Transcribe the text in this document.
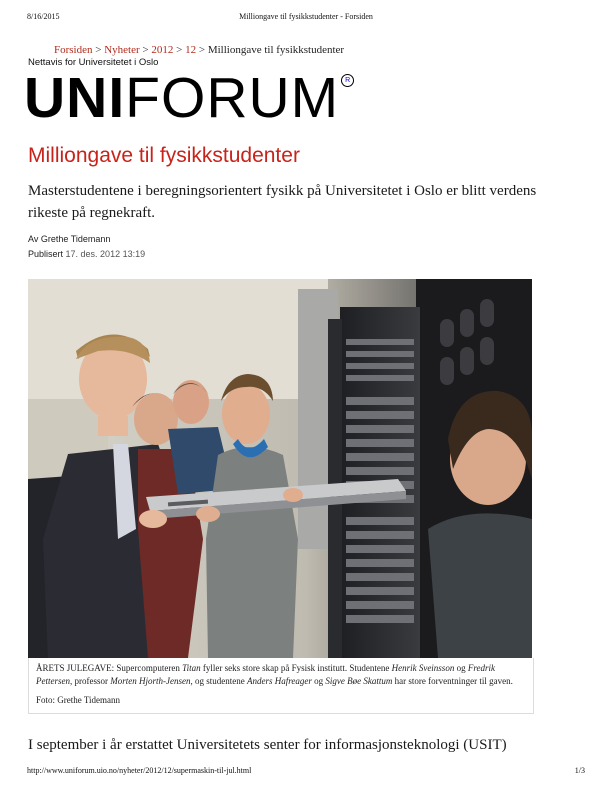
8/16/2015	Milliongave til fysikkstudenter - Forsiden
Forsiden > Nyheter > 2012 > 12 > Milliongave til fysikkstudenter
Nettavis for Universitetet i Oslo
UNI FORUM R
Milliongave til fysikkstudenter

Masterstudentene i beregningsorientert fysikk på Universitetet i Oslo er blitt verdens rikeste på regnekraft.

Av Grethe Tidemann
Publisert 17. des. 2012 13:19
ÅRETS JULEGAVE: Supercomputeren Titan fyller seks store skap på Fysisk institutt. Studentene Henrik Sveinsson og Fredrik Pettersen, professor Morten Hjorth-Jensen, og studentene Anders Hafreager og Sigve Bøe Skattum har store forventninger til gaven.
Foto: Grethe Tidemann

I september i år erstattet Universitetets senter for informasjonsteknologi (USIT)

http://www.uniforum.uio.no/nyheter/2012/12/supermaskin-til-jul.html	1/3
